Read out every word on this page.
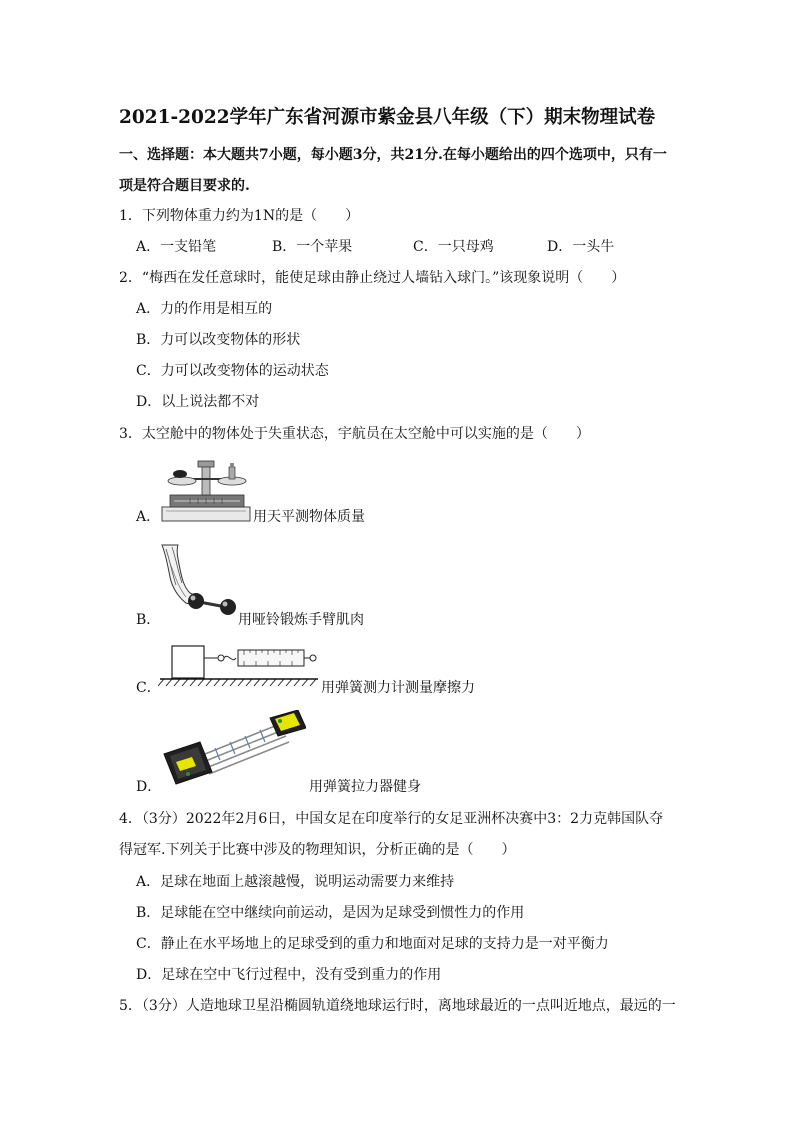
2021-2022学年广东省河源市紫金县八年级（下）期末物理试卷
一、选择题：本大题共7小题，每小题3分，共21分.在每小题给出的四个选项中，只有一
项是符合题目要求的.
1．下列物体重力约为1N的是（　　）
A．一支铅笔	B．一个苹果	C．一只母鸡	D．一头牛
2．“梅西在发任意球时，能使足球由静止绕过人墙钻入球门。”该现象说明（　　）
A．力的作用是相互的
B．力可以改变物体的形状
C．力可以改变物体的运动状态
D．以上说法都不对
3．太空舱中的物体处于失重状态，宇航员在太空舱中可以实施的是（　　）
A．	用天平测物体质量
B．	用哑铃锻炼手臂肌肉
C．	用弹簧测力计测量摩擦力
D．	用弹簧拉力器健身
4．（3分）2022年2月6日，中国女足在印度举行的女足亚洲杯决赛中3：2力克韩国队夺
得冠军.下列关于比赛中涉及的物理知识，分析正确的是（　　）
A．足球在地面上越滚越慢，说明运动需要力来维持
B．足球能在空中继续向前运动，是因为足球受到惯性力的作用
C．静止在水平场地上的足球受到的重力和地面对足球的支持力是一对平衡力
D．足球在空中飞行过程中，没有受到重力的作用
5．（3分）人造地球卫星沿椭圆轨道绕地球运行时，离地球最近的一点叫近地点，最远的一
